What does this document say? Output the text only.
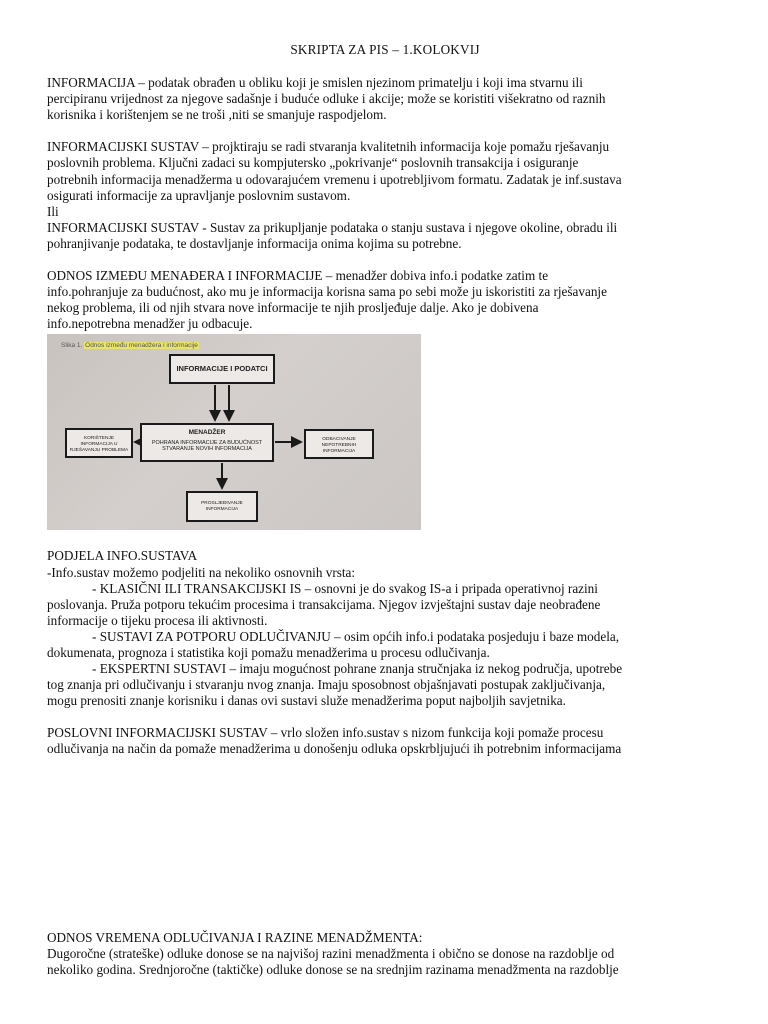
SKRIPTA ZA PIS – 1.KOLOKVIJ

INFORMACIJA – podatak obrađen u obliku koji je smislen njezinom primatelju i koji ima stvarnu ili
percipiranu vrijednost za njegove sadašnje i buduće odluke i akcije; može se koristiti višekratno od raznih
korisnika i korištenjem se ne troši ,niti se smanjuje raspodjelom.
INFORMACIJSKI SUSTAV – projktiraju se radi stvaranja kvalitetnih informacija koje pomažu rješavanju
poslovnih problema. Ključni zadaci su kompjutersko „pokrivanje“ poslovnih transakcija i osiguranje
potrebnih informacija menadžerma u odovarajućem vremenu i upotrebljivom formatu. Zadatak je inf.sustava
osigurati informacije za upravljanje poslovnim sustavom.
Ili
INFORMACIJSKI SUSTAV - Sustav za prikupljanje podataka o stanju sustava i njegove okoline, obradu ili
pohranjivanje podataka, te dostavljanje informacija onima kojima su potrebne.
ODNOS IZMEĐU MENAĐERA I INFORMACIJE – menadžer dobiva info.i podatke zatim te
info.pohranjuje za budućnost, ako mu je informacija korisna sama po sebi može ju iskoristiti za rješavanje
nekog problema, ili od njih stvara nove informacije te njih prosljeđuje dalje. Ako je dobivena
info.nepotrebna menadžer ju odbacuje.
Slika 1. Odnos između menadžera i informacije
INFORMACIJE I PODATCI
MENADŽER
POHRANA INFORMACIJE ZA BUDUĆNOST
STVARANJE NOVIH INFORMACIJA
KORIŠTENJE
INFORMACIJA U
RJEŠAVANJU PROBLEMA
ODBACIVANJE
NEPOTREBNIH
INFORMACIJA
PROSLJEĐIVANJE
INFORMACIJA
PODJELA INFO.SUSTAVA
-Info.sustav možemo podjeliti na nekoliko osnovnih vrsta:
- KLASIČNI ILI TRANSAKCIJSKI IS – osnovni je do svakog IS-a i pripada operativnoj razini
poslovanja. Pruža potporu tekućim procesima i transakcijama. Njegov izvještajni sustav daje neobrađene
informacije o tijeku procesa ili aktivnosti.
- SUSTAVI ZA POTPORU ODLUČIVANJU – osim općih info.i podataka posjeduju i baze modela,
dokumenata, prognoza i statistika koji pomažu menadžerima u procesu odlučivanja.
- EKSPERTNI SUSTAVI – imaju mogućnost pohrane znanja stručnjaka iz nekog područja, upotrebe
tog znanja pri odlučivanju i stvaranju nvog znanja. Imaju sposobnost objašnjavati postupak zaključivanja,
mogu prenositi znanje korisniku i danas ovi sustavi služe menadžerima poput najboljih savjetnika.
POSLOVNI INFORMACIJSKI SUSTAV – vrlo složen info.sustav s nizom funkcija koji pomaže procesu
odlučivanja na način da pomaže menadžerima u donošenju odluka opskrbljujući ih potrebnim informacijama
ODNOS VREMENA ODLUČIVANJA I RAZINE MENADŽMENTA:
Dugoročne (strateške) odluke donose se na najvišoj razini menadžmenta i obično se donose na razdoblje od
nekoliko godina. Srednjoročne (taktičke) odluke donose se na srednjim razinama menadžmenta na razdoblje
